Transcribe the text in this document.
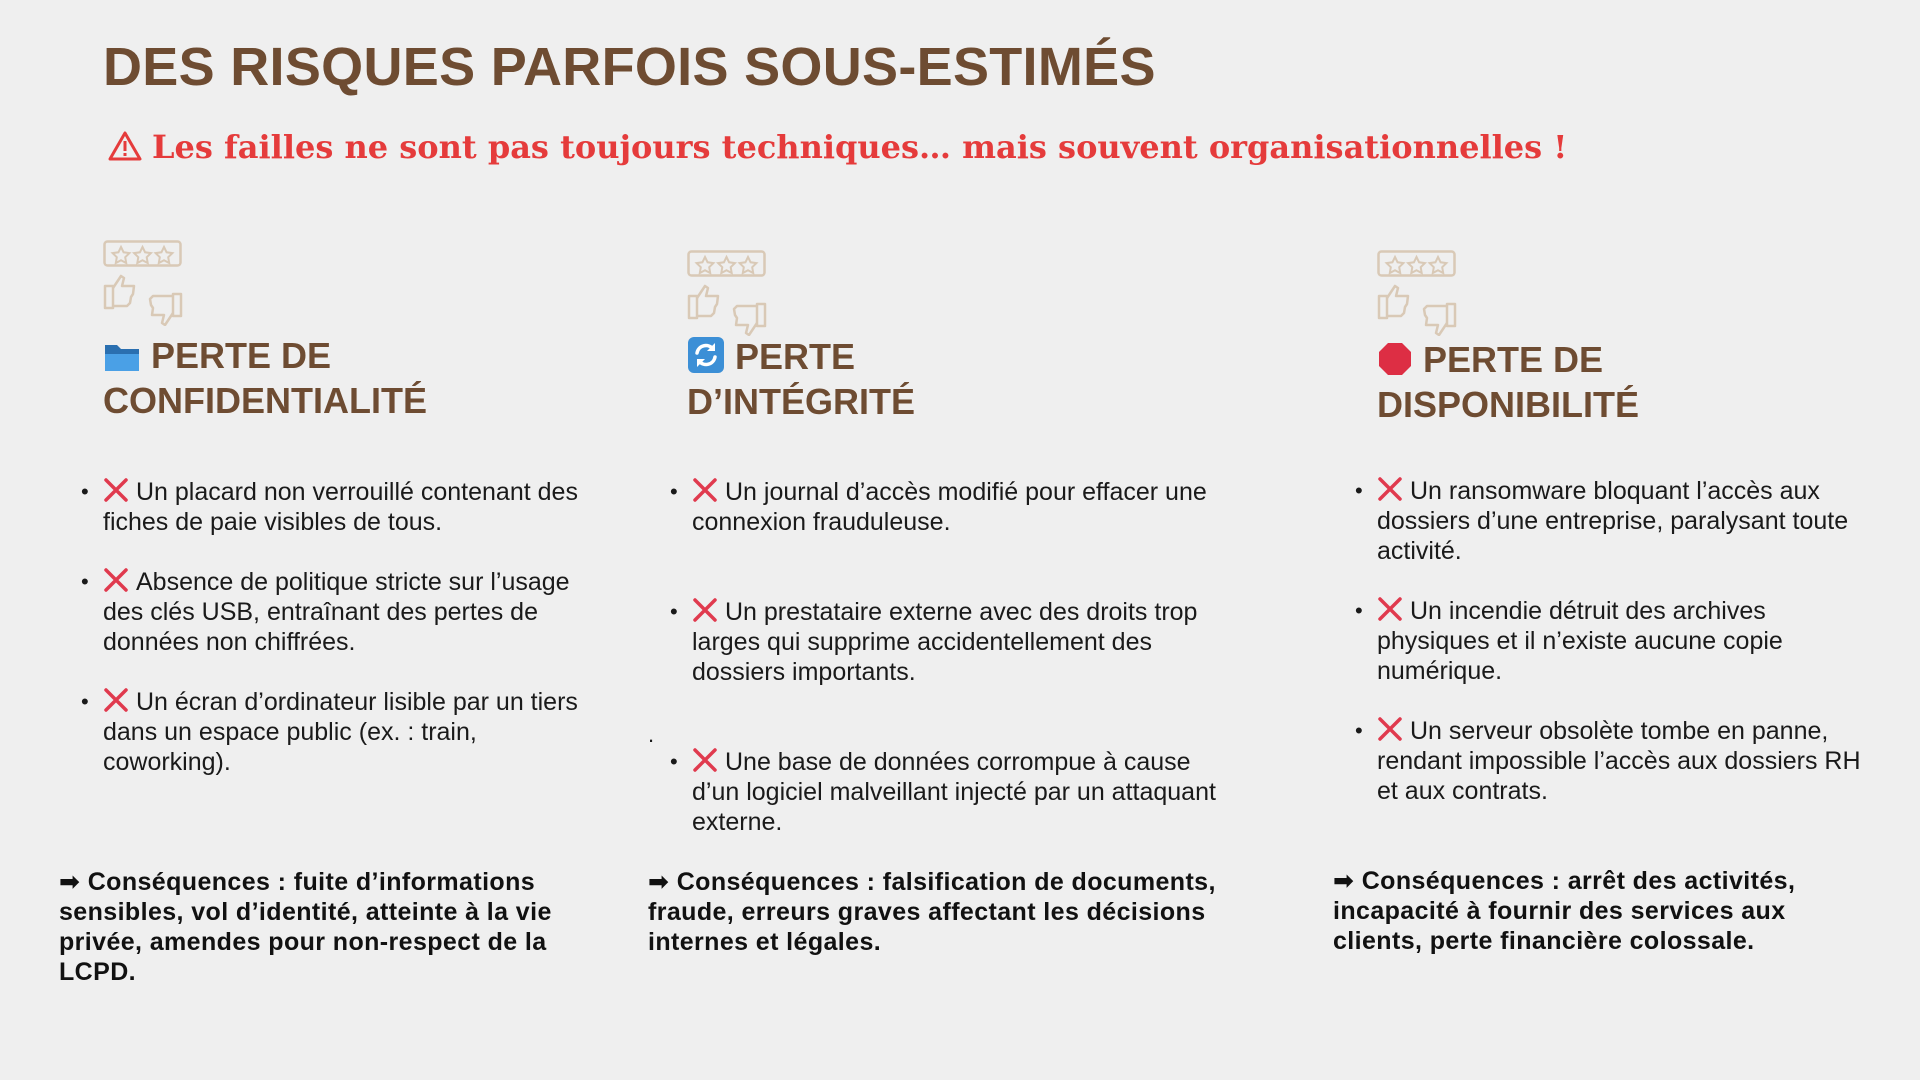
DES RISQUES PARFOIS SOUS-ESTIMÉS

Les failles ne sont pas toujours techniques… mais souvent organisationnelles !

PERTE DE
CONFIDENTIALITÉ
• Un placard non verrouillé contenant des fiches de paie visibles de tous.
• Absence de politique stricte sur l’usage des clés USB, entraînant des pertes de données non chiffrées.
• Un écran d’ordinateur lisible par un tiers dans un espace public (ex. : train, coworking).

➡ Conséquences : fuite d’informations sensibles, vol d’identité, atteinte à la vie privée, amendes pour non-respect de la LCPD.

PERTE
D’INTÉGRITÉ
• Un journal d’accès modifié pour effacer une connexion frauduleuse.
• Un prestataire externe avec des droits trop larges qui supprime accidentellement des dossiers importants.
• Une base de données corrompue à cause d’un logiciel malveillant injecté par un attaquant externe.
.

➡ Conséquences : falsification de documents, fraude, erreurs graves affectant les décisions internes et légales.

PERTE DE
DISPONIBILITÉ
• Un ransomware bloquant l’accès aux dossiers d’une entreprise, paralysant toute activité.
• Un incendie détruit des archives physiques et il n’existe aucune copie numérique.
• Un serveur obsolète tombe en panne, rendant impossible l’accès aux dossiers RH et aux contrats.

➡ Conséquences : arrêt des activités, incapacité à fournir des services aux clients, perte financière colossale.
